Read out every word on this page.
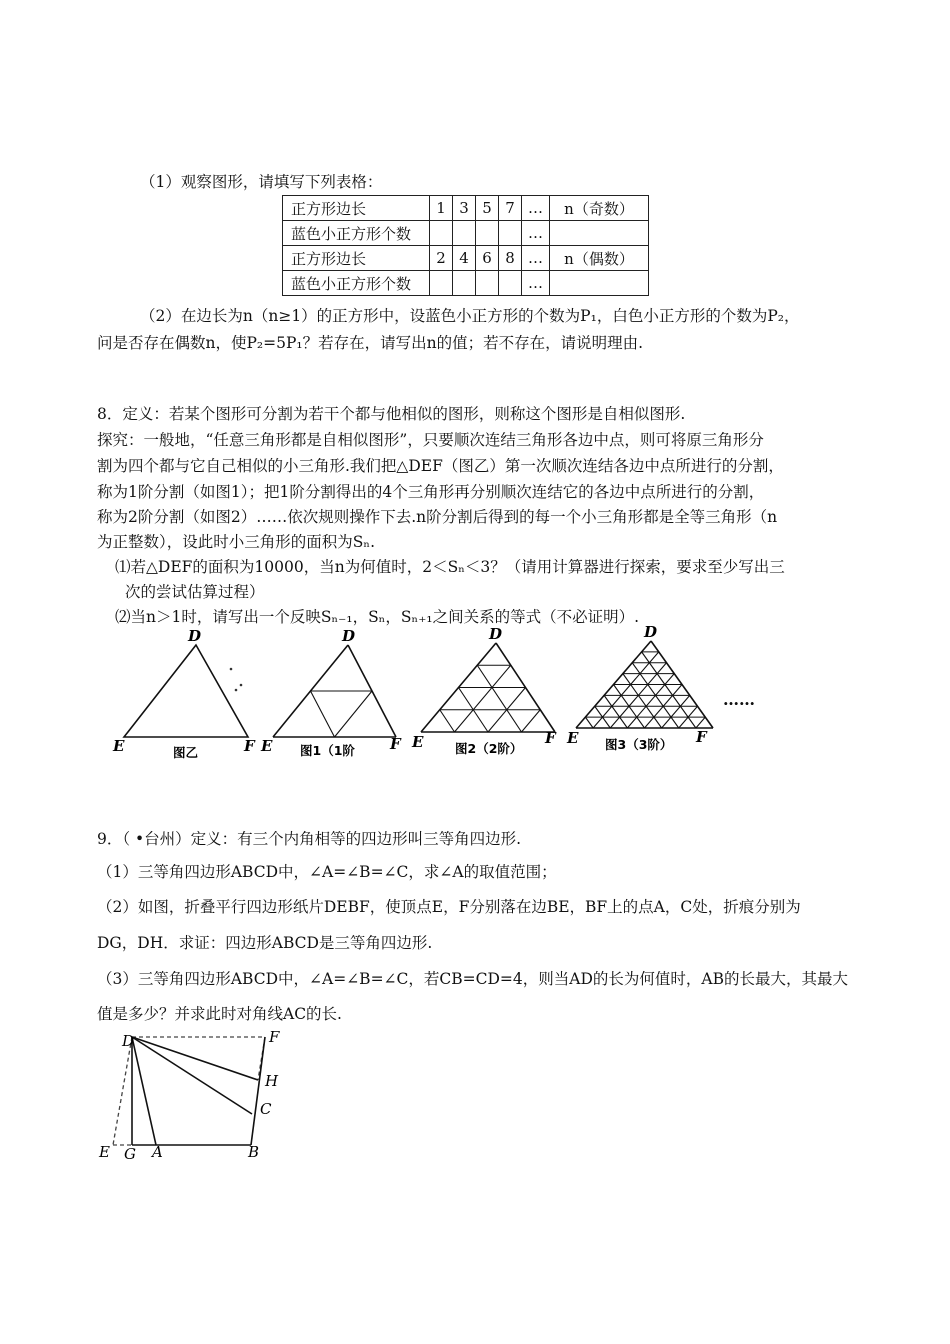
（1）观察图形，请填写下列表格：
正方形边长	1	3	5	7	…	n（奇数）
蓝色小正方形个数					…	
正方形边长	2	4	6	8	…	n（偶数）
蓝色小正方形个数					…	
（2）在边长为n（n≥1）的正方形中，设蓝色小正方形的个数为P₁，白色小正方形的个数为P₂，
问是否存在偶数n，使P₂=5P₁？若存在，请写出n的值；若不存在，请说明理由.
8．定义：若某个图形可分割为若干个都与他相似的图形，则称这个图形是自相似图形.
探究：一般地，“任意三角形都是自相似图形”，只要顺次连结三角形各边中点，则可将原三角形分
割为四个都与它自己相似的小三角形.我们把△DEF（图乙）第一次顺次连结各边中点所进行的分割，
称为1阶分割（如图1）；把1阶分割得出的4个三角形再分别顺次连结它的各边中点所进行的分割，
称为2阶分割（如图2）……依次规则操作下去.n阶分割后得到的每一个小三角形都是全等三角形（n
为正整数），设此时小三角形的面积为Sₙ.
⑴若△DEF的面积为10000，当n为何值时，2＜Sₙ＜3？（请用计算器进行探索，要求至少写出三
次的尝试估算过程）
⑵当n＞1时，请写出一个反映Sₙ₋₁，Sₙ，Sₙ₊₁之间关系的等式（不必证明）.
D
E	F
图乙
D
E	F
图1（1阶
D
E	F
图2（2阶）
D
E	F
图3（3阶）
……
9．（ •台州）定义：有三个内角相等的四边形叫三等角四边形.
（1）三等角四边形ABCD中，∠A=∠B=∠C，求∠A的取值范围；
（2）如图，折叠平行四边形纸片DEBF，使顶点E，F分别落在边BE，BF上的点A，C处，折痕分别为
DG，DH．求证：四边形ABCD是三等角四边形.
（3）三等角四边形ABCD中，∠A=∠B=∠C，若CB=CD=4，则当AD的长为何值时，AB的长最大，其最大
值是多少？并求此时对角线AC的长.
D	F
H
C
E G A	B
